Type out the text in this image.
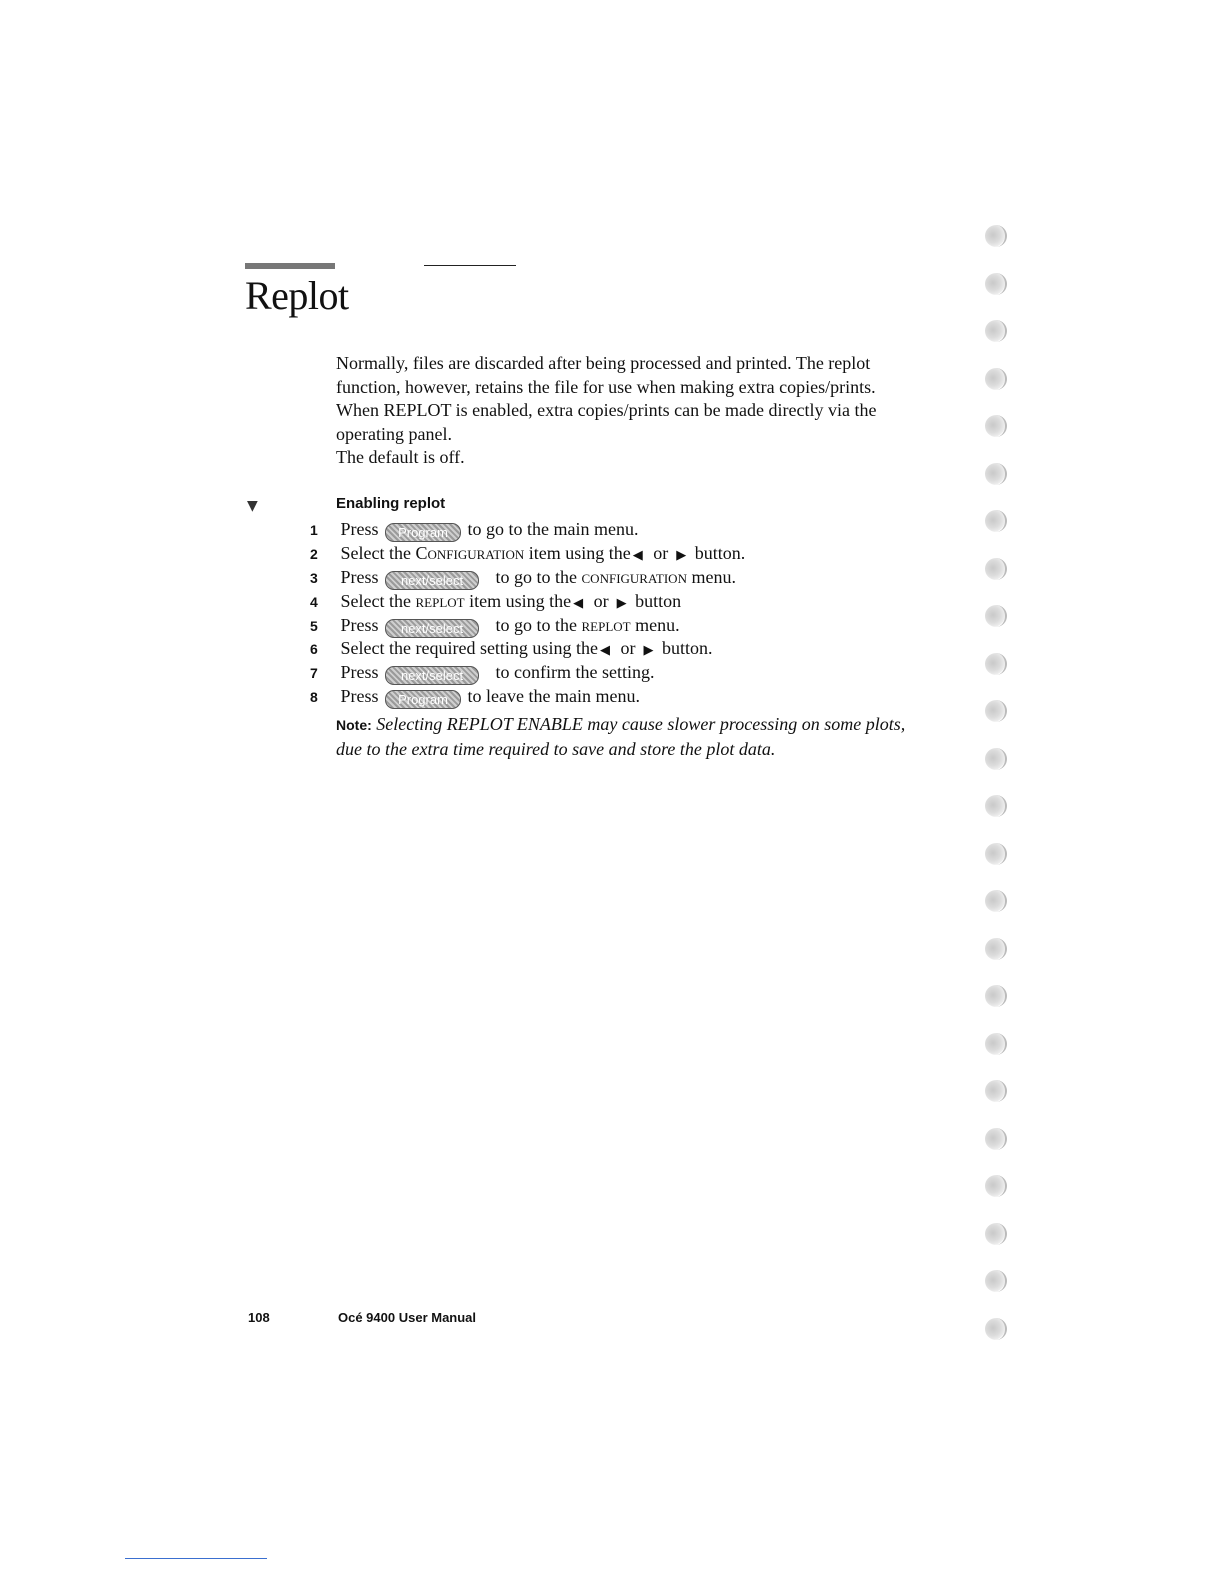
Replot

Normally, files are discarded after being processed and printed. The replot function, however, retains the file for use when making extra copies/prints. When REPLOT is enabled, extra copies/prints can be made directly via the operating panel.

The default is off.

▼	Enabling replot
1 Press Program to go to the main menu.
2 Select the Configuration item using the ◀ or ▶ button.
3 Press next/select to go to the configuration menu.
4 Select the replot item using the ◀ or ▶ button
5 Press next/select to go to the replot menu.
6 Select the required setting using the ◀ or ▶ button.
7 Press next/select to confirm the setting.
8 Press Program to leave the main menu.
Note: Selecting REPLOT ENABLE may cause slower processing on some plots, due to the extra time required to save and store the plot data.
108	Océ 9400 User Manual
